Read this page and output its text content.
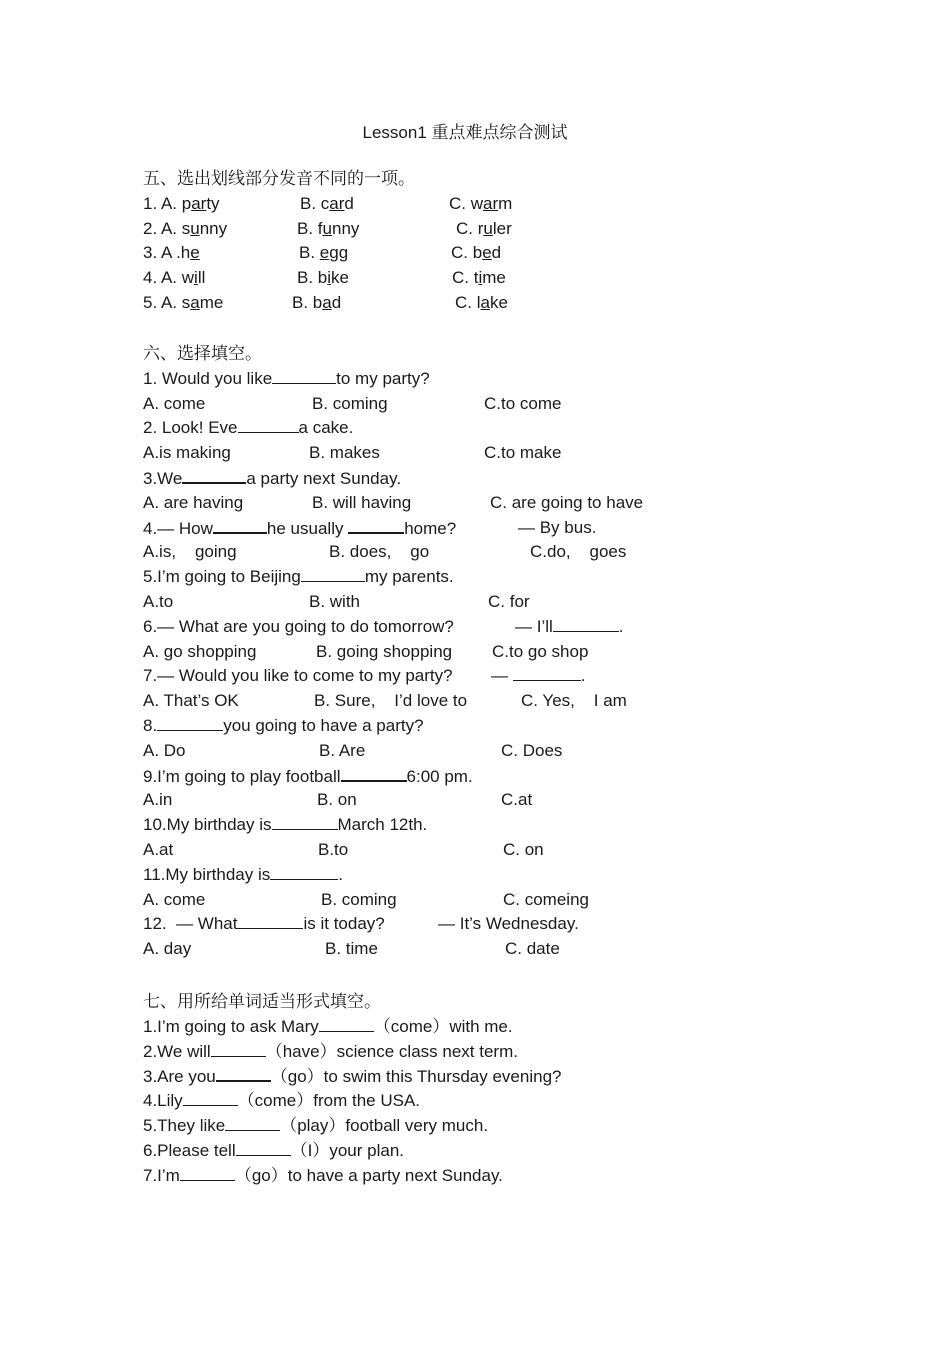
Lesson1 重点难点综合测试
五、选出划线部分发音不同的一项。
1. A. party	B. card	C. warm
2. A. sunny	B. funny	C. ruler
3. A .he	B. egg	C. bed
4. A. will	B. bike	C. time
5. A. same	B. bad	C. lake
六、选择填空。
1. Would you like	to my party?
A. come	B. coming	C.to come
2. Look! Eve	a cake.
A.is making	B. makes	C.to make
3.We	a party next Sunday.
A. are having	B. will having	C. are going to have
4.— How	he usually	home?	— By bus.
A.is,    going	B. does,    go	C.do,    goes
5.I’m going to Beijing	my parents.
A.to	B. with	C. for
6.— What are you going to do tomorrow?	— I’ll	.
A. go shopping	B. going shopping C.to go shop
7.— Would you like to come to my party? —	.
A. That’s OK	B. Sure,    I’d love to	C. Yes,    I am
8.	you going to have a party?
A. Do	B. Are	C. Does
9.I’m going to play football	6:00 pm.
A.in	B. on	C.at
10.My birthday is	March 12th.
A.at	B.to	C. on
11.My birthday is	.
A. come	B. coming	C. comeing
12.  — What	is it today?	— It’s Wednesday.
A. day	B. time	C. date
七、用所给单词适当形式填空。
1.I’m going to ask Mary	（come）with me.
2.We will	（have）science class next term.
3.Are you	（go）to swim this Thursday evening?
4.Lily	（come）from the USA.
5.They like	（play）football very much.
6.Please tell	（I）your plan.
7.I’m	（go）to have a party next Sunday.
